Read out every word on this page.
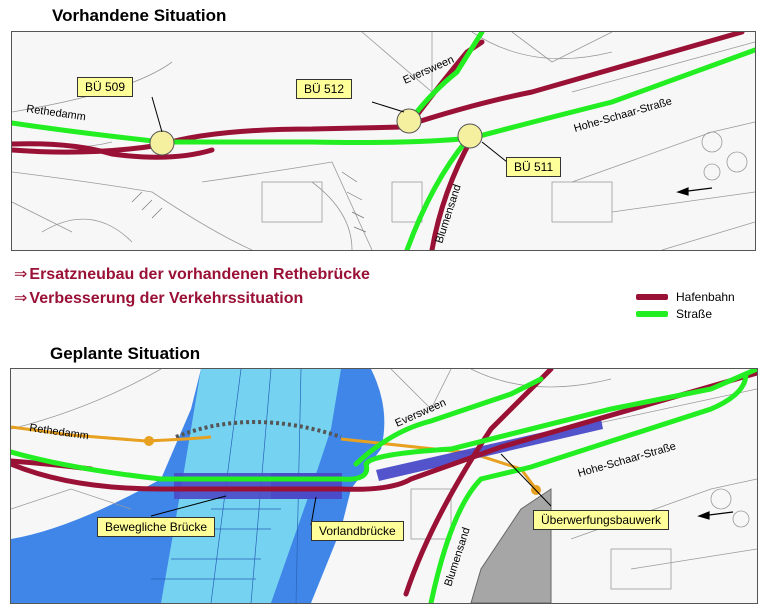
Vorhandene Situation
Rethedamm
Eversween
Hohe-Schaar-Straße
Blumensand
BÜ 509	BÜ 512
BÜ 511
⇒ Ersatzneubau der vorhandenen Rethebrücke
⇒ Verbesserung der Verkehrssituation	Hafenbahn
Straße
Geplante Situation
Rethedamm
Eversween
Hohe-Schaar-Straße
Blumensand
Bewegliche Brücke	Vorlandbrücke
Überwerfungsbauwerk
